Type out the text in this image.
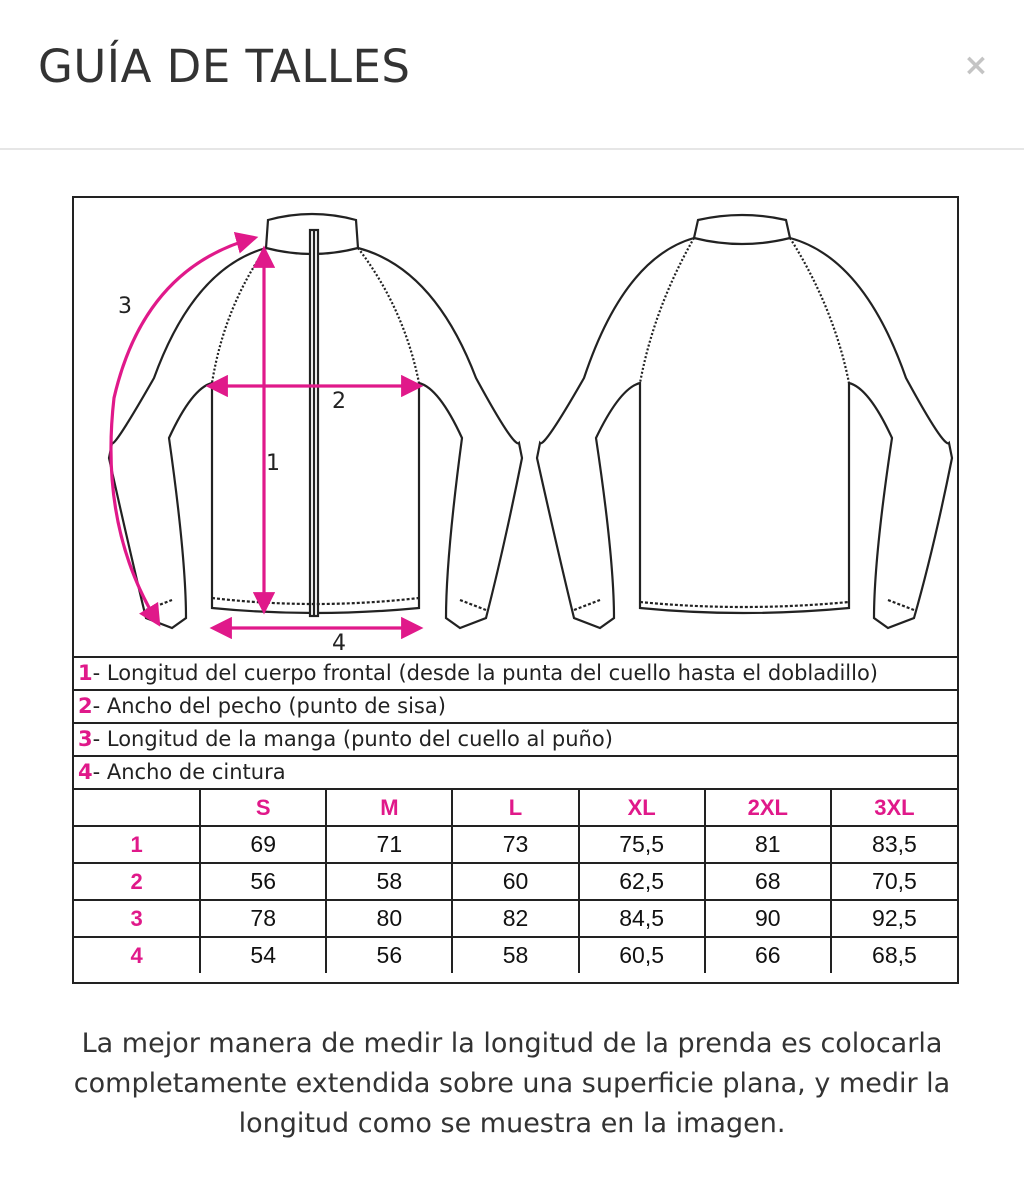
GUÍA DE TALLES	×
1
2
3
4
1- Longitud del cuerpo frontal (desde la punta del cuello hasta el dobladillo)
2- Ancho del pecho (punto de sisa)
3- Longitud de la manga (punto del cuello al puño)
4- Ancho de cintura
	S	M	L	XL	2XL	3XL
1	69	71	73	75,5	81	83,5
2	56	58	60	62,5	68	70,5
3	78	80	82	84,5	90	92,5
4	54	56	58	60,5	66	68,5

La mejor manera de medir la longitud de la prenda es colocarla completamente extendida sobre una superficie plana, y medir la longitud como se muestra en la imagen.
